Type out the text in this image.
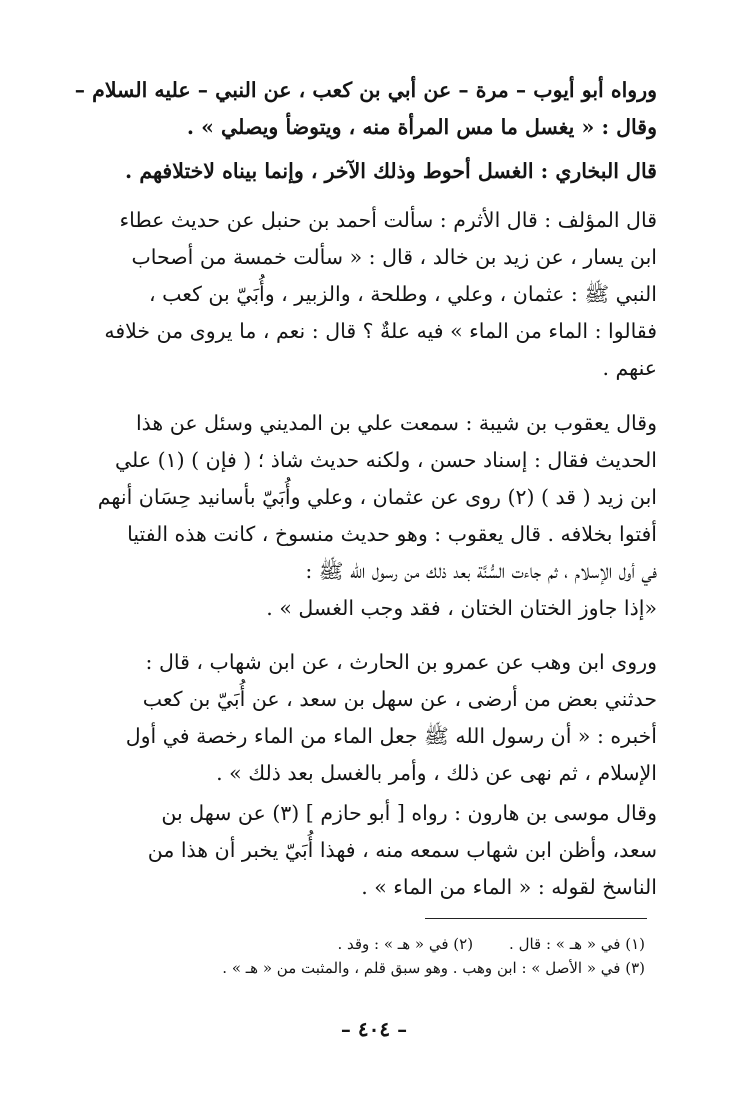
ورواه أبو أيوب – مرة – عن أبي بن كعب ، عن النبي – عليه السلام –
وقال : « يغسل ما مس المرأة منه ، ويتوضأ ويصلي » .
قال البخاري : الغسل أحوط وذلك الآخر ، وإنما بيناه لاختلافهم .
قال المؤلف : قال الأثرم : سألت أحمد بن حنبل عن حديث عطاء
ابن يسار ، عن زيد بن خالد ، قال : « سألت خمسة من أصحاب
النبي ﷺ : عثمان ، وعلي ، وطلحة ، والزبير ، وأُبَيّ بن كعب ،
فقالوا : الماء من الماء » فيه علةٌ ؟ قال : نعم ، ما يروى من خلافه
عنهم .
وقال يعقوب بن شيبة : سمعت علي بن المديني وسئل عن هذا
الحديث فقال : إسناد حسن ، ولكنه حديث شاذ ؛ ( فإن ) (١) علي
ابن زيد ( قد ) (٢) روى عن عثمان ، وعلي وأُبَيّ بأسانيد حِسَان أنهم
أفتوا بخلافه . قال يعقوب : وهو حديث منسوخ ، كانت هذه الفتيا
في أول الإسلام ، ثم جاءت السُّنَّة بعد ذلك من رسول الله ﷺ :
«إذا جاوز الختان الختان ، فقد وجب الغسل » .
وروى ابن وهب عن عمرو بن الحارث ، عن ابن شهاب ، قال :
حدثني بعض من أرضى ، عن سهل بن سعد ، عن أُبَيّ بن كعب
أخبره : « أن رسول الله ﷺ جعل الماء من الماء رخصة في أول
الإسلام ، ثم نهى عن ذلك ، وأمر بالغسل بعد ذلك » .
وقال موسى بن هارون : رواه [ أبو حازم ] (٣) عن سهل بن
سعد، وأظن ابن شهاب سمعه منه ، فهذا أُبَيّ يخبر أن هذا من
الناسخ لقوله : « الماء من الماء » .
(١) في « هـ » : قال .
(٢) في « هـ » : وقد .
(٣) في « الأصل » : ابن وهب . وهو سبق قلم ، والمثبت من « هـ » .
– ٤٠٤ –
